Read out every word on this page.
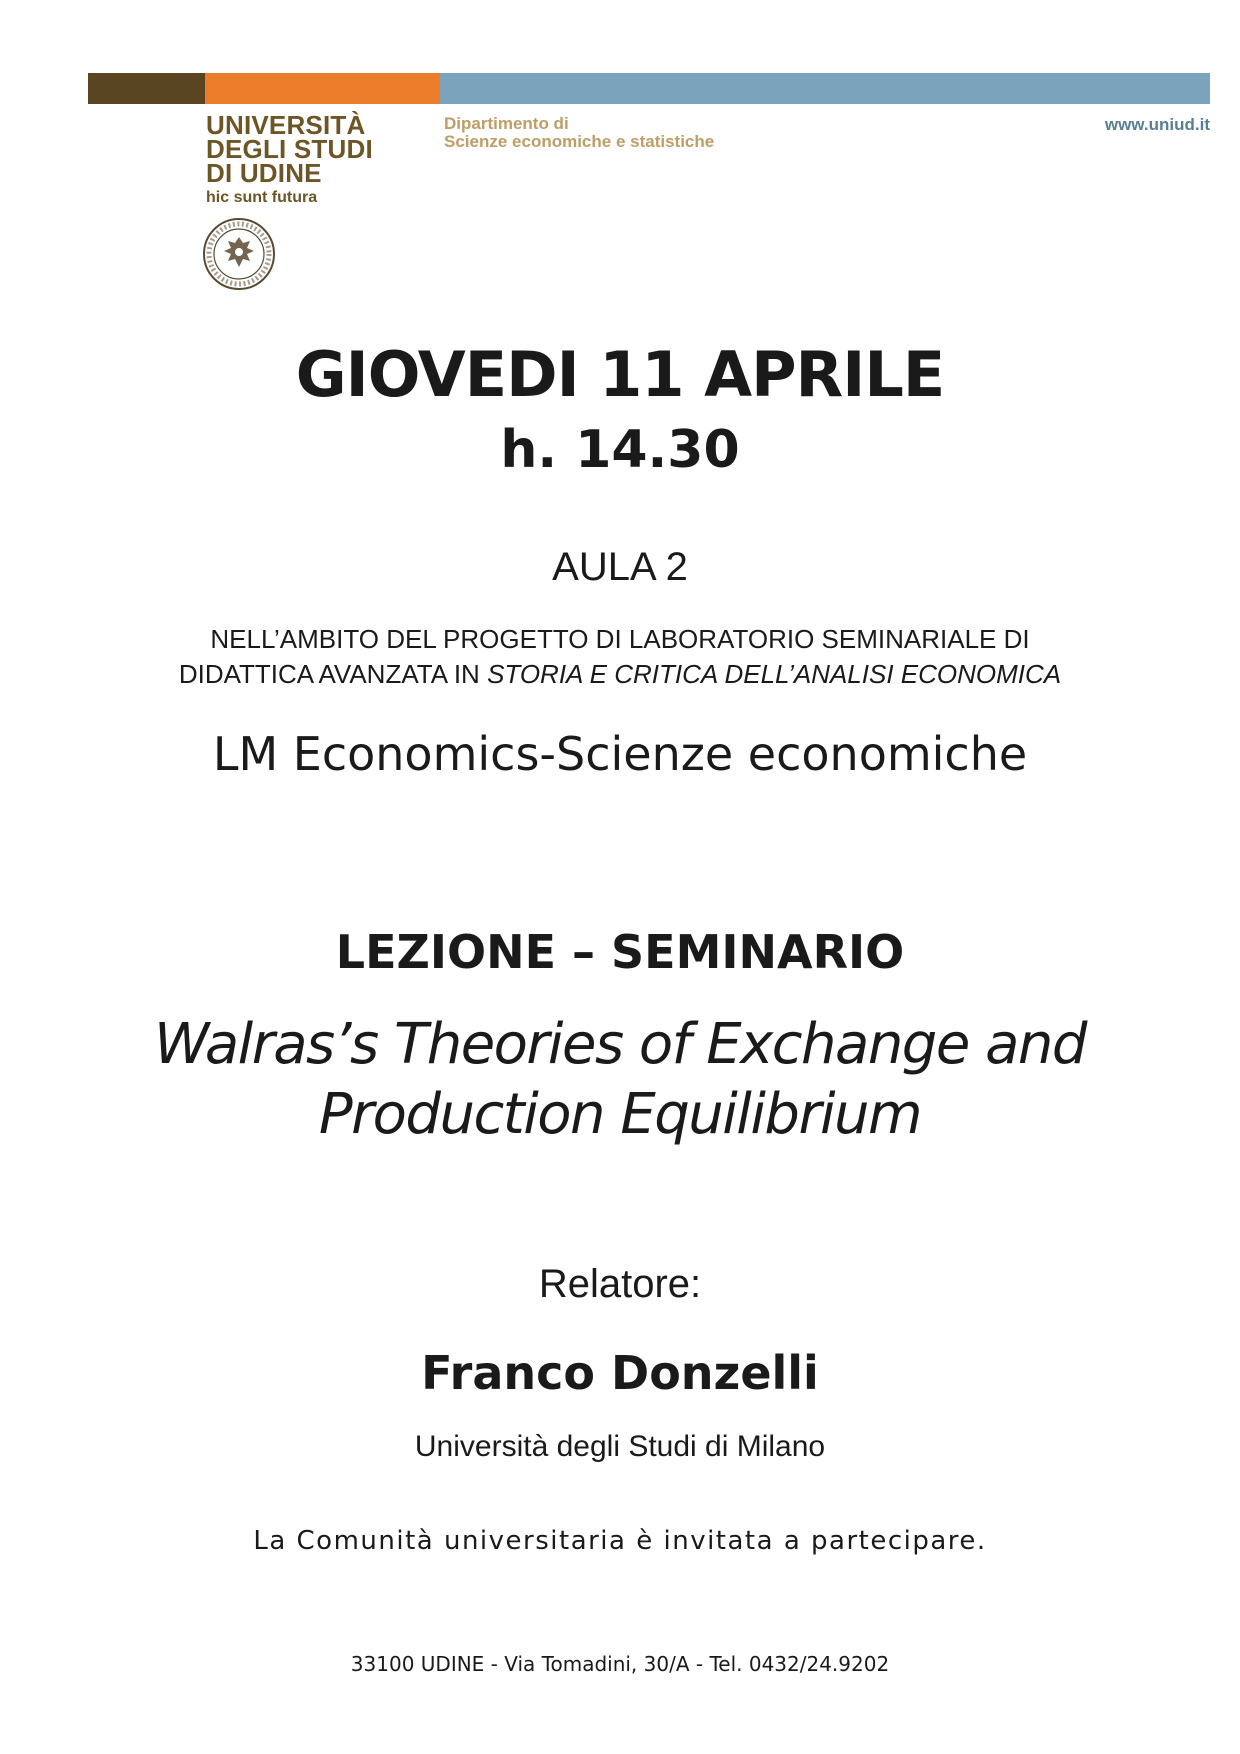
UNIVERSITÀ
DEGLI STUDI
DI UDINE
hic sunt futura
Dipartimento di
Scienze economiche e statistiche
www.uniud.it
GIOVEDI 11 APRILE
h. 14.30
AULA 2
NELL’AMBITO DEL PROGETTO DI LABORATORIO SEMINARIALE DI
DIDATTICA AVANZATA IN STORIA E CRITICA DELL’ANALISI ECONOMICA
LM Economics-Scienze economiche
LEZIONE – SEMINARIO
Walras’s Theories of Exchange and
Production Equilibrium
Relatore:
Franco Donzelli
Università degli Studi di Milano
La Comunità universitaria è invitata a partecipare.
33100 UDINE - Via Tomadini, 30/A - Tel. 0432/24.9202
